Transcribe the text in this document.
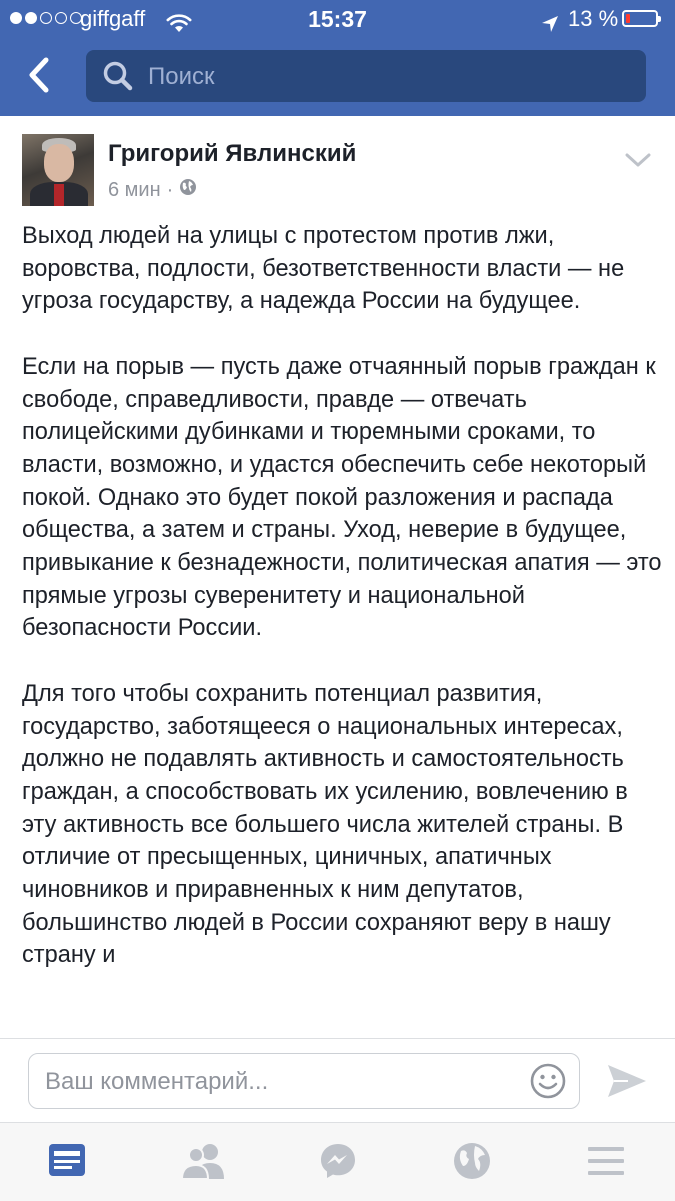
giffgaff	15:37	13 %
Поиск
Григорий Явлинский
6 мин ·

Выход людей на улицы с протестом против лжи, воровства, подлости, безответственности власти — не угроза государству, а надежда России на будущее.

Если на порыв — пусть даже отчаянный порыв граждан к свободе, справедливости, правде — отвечать полицейскими дубинками и тюремными сроками, то власти, возможно, и удастся обеспечить себе некоторый покой. Однако это будет покой разложения и распада общества, а затем и страны. Уход, неверие в будущее, привыкание к безнадежности, политическая апатия — это прямые угрозы суверенитету и национальной безопасности России.

Для того чтобы сохранить потенциал развития, государство, заботящееся о национальных интересах, должно не подавлять активность и самостоятельность граждан, а способствовать их усилению, вовлечению в эту активность все большего числа жителей страны. В отличие от пресыщенных, циничных, апатичных чиновников и приравненных к ним депутатов, большинство людей в России сохраняют веру в нашу страну и

Ваш комментарий...
